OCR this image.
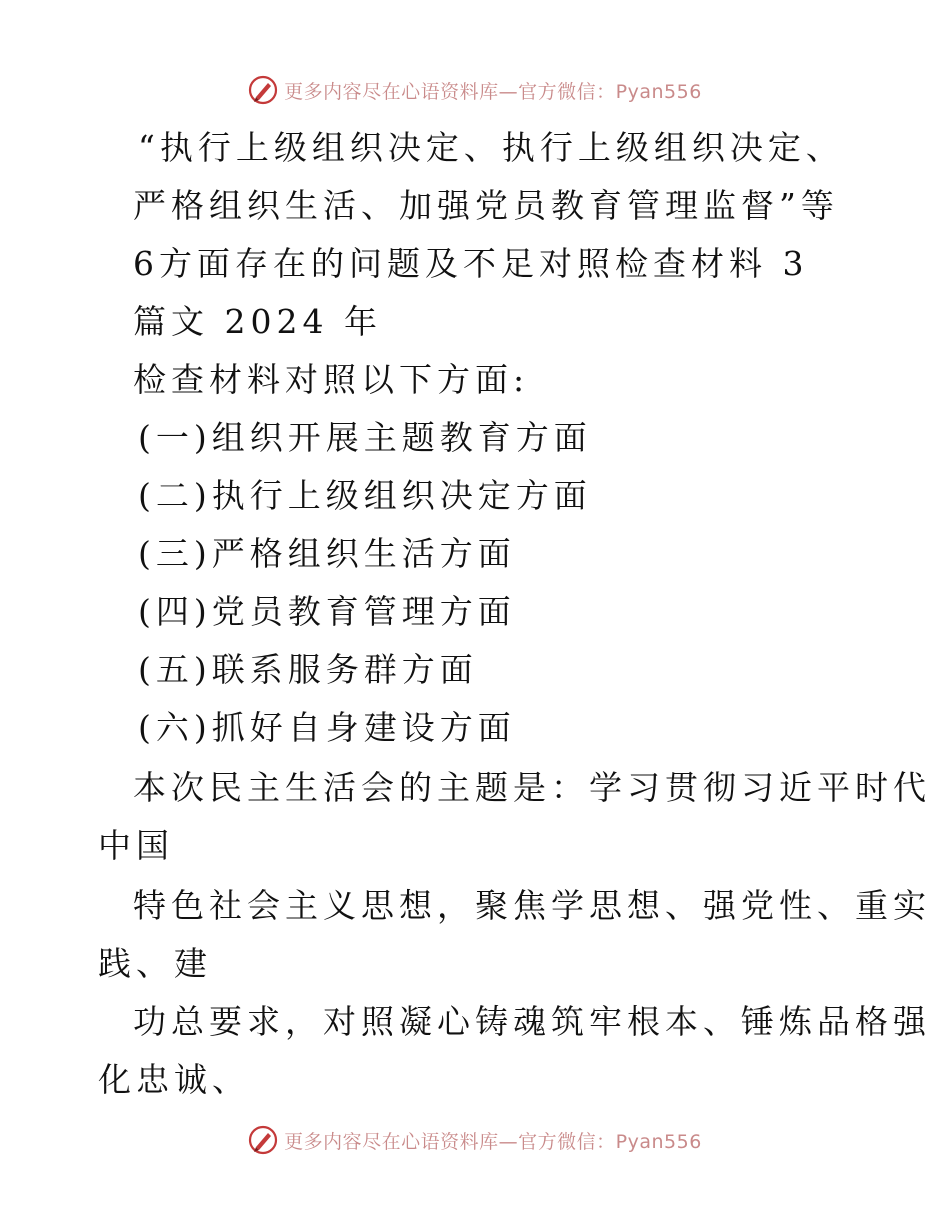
更多内容尽在心语资料库—官方微信：Pyan556
“执行上级组织决定、执行上级组织决定、
严格组织生活、加强党员教育管理监督”等
6方面存在的问题及不足对照检查材料 3
篇文 2024 年
检查材料对照以下方面:
(一)组织开展主题教育方面
(二)执行上级组织决定方面
(三)严格组织生活方面
(四)党员教育管理方面
(五)联系服务群方面
(六)抓好自身建设方面
本次民主生活会的主题是：学习贯彻习近平时代
中国
特色社会主义思想，聚焦学思想、强党性、重实
践、建
功总要求，对照凝心铸魂筑牢根本、锤炼品格强
化忠诚、
更多内容尽在心语资料库—官方微信：Pyan556
